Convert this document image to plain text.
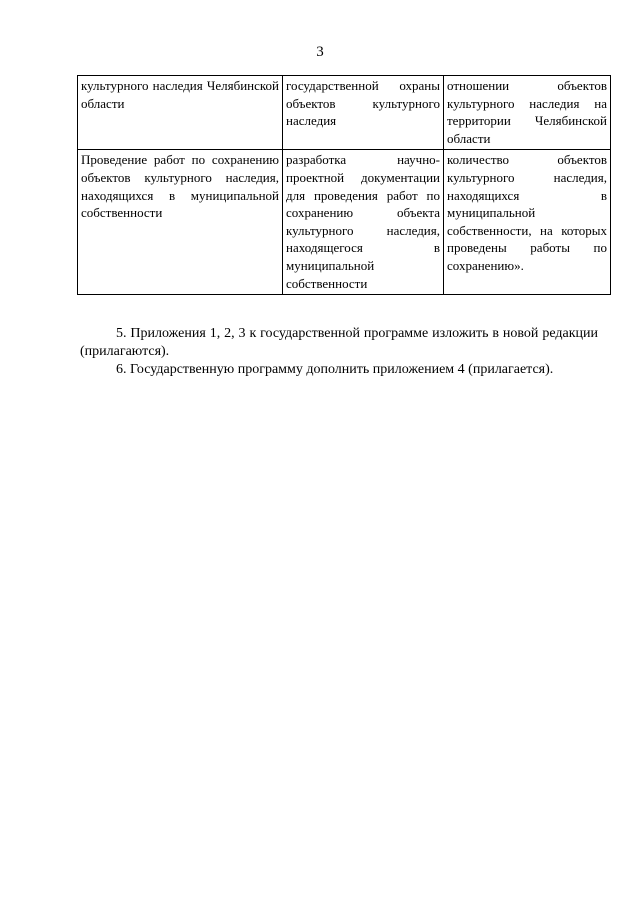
3
культурного наследия Челябинской области	государственной охраны объектов культурного наследия	отношении объектов культурного наследия на территории Челябинской области
Проведение работ по сохранению объектов культурного наследия, находящихся в муниципальной собственности	разработка научно-проектной документации для проведения работ по сохранению объекта культурного наследия, находящегося в муниципальной собственности	количество объектов культурного наследия, находящихся в муниципальной собственности, на которых проведены работы по сохранению».

5. Приложения 1, 2, 3 к государственной программе изложить в новой редакции (прилагаются).

6. Государственную программу дополнить приложением 4 (прилагается).
